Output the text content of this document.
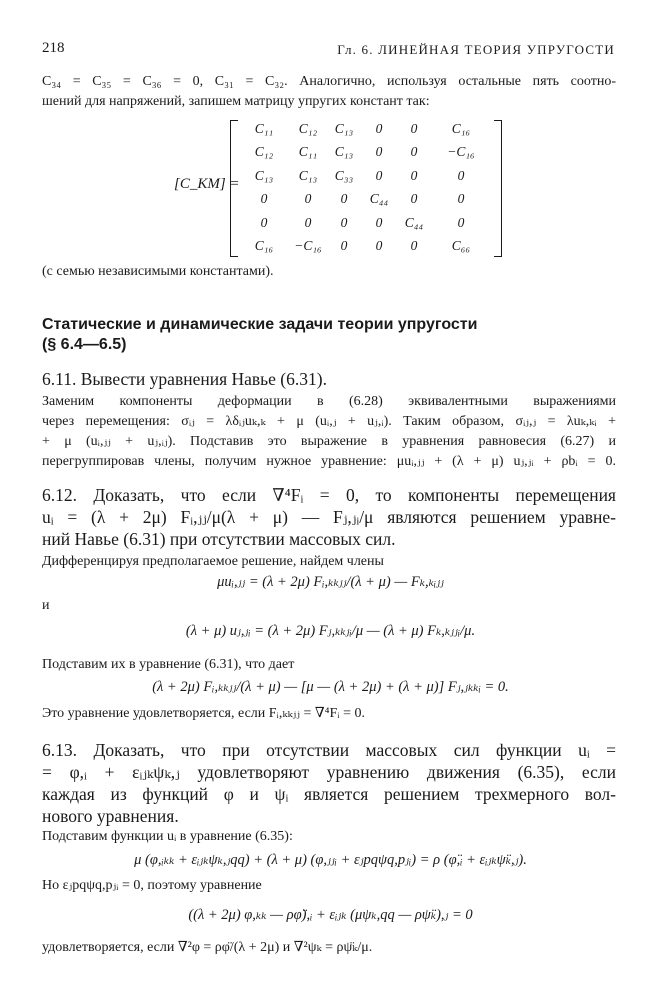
218	Гл. 6. ЛИНЕЙНАЯ ТЕОРИЯ УПРУГОСТИ
C₃₄ = C₃₅ = C₃₆ = 0, C₃₁ = C₃₂. Аналогично, используя остальные пять соотно-
шений для напряжений, запишем матрицу упругих констант так:
[C_KM] =
C₁₁	C₁₂	C₁₃	0	0	C₁₆
C₁₂	C₁₁	C₁₃	0	0	−C₁₆
C₁₃	C₁₃	C₃₃	0	0	0
0	0	0	C₄₄	0	0
0	0	0	0	C₄₄	0
C₁₆	−C₁₆	0	0	0	C₆₆
(с семью независимыми константами).
Статические и динамические задачи теории упругости
(§ 6.4—6.5)
6.11. Вывести уравнения Навье (6.31).
Заменим компоненты деформации в (6.28) эквивалентными выражениями
через перемещения: σᵢⱼ = λδᵢⱼuₖ,ₖ + μ (uᵢ,ⱼ + uⱼ,ᵢ). Таким образом, σᵢⱼ,ⱼ = λuₖ,ₖᵢ +
+ μ (uᵢ,ⱼⱼ + uⱼ,ᵢⱼ). Подставив это выражение в уравнения равновесия (6.27) и
перегруппировав члены, получим нужное уравнение: μuᵢ,ⱼⱼ + (λ + μ) uⱼ,ⱼᵢ + ρbᵢ = 0.
6.12. Доказать, что если ∇⁴Fᵢ = 0, то компоненты перемещения
uᵢ = (λ + 2μ) Fᵢ,ⱼⱼ/μ(λ + μ) — Fⱼ,ⱼᵢ/μ являются решением уравне-
ний Навье (6.31) при отсутствии массовых сил.
Дифференцируя предполагаемое решение, найдем члены
μuᵢ,ⱼⱼ = (λ + 2μ) Fᵢ,ₖₖⱼⱼ/(λ + μ) — Fₖ,ₖᵢⱼⱼ
и
(λ + μ) uⱼ,ⱼᵢ = (λ + 2μ) Fⱼ,ₖₖⱼᵢ/μ — (λ + μ) Fₖ,ₖⱼⱼᵢ/μ.
Подставим их в уравнение (6.31), что дает
(λ + 2μ) Fᵢ,ₖₖⱼⱼ/(λ + μ) — [μ — (λ + 2μ) + (λ + μ)] Fⱼ,ⱼₖₖᵢ = 0.
Это уравнение удовлетворяется, если Fᵢ,ₖₖⱼⱼ = ∇⁴Fᵢ = 0.
6.13. Доказать, что при отсутствии массовых сил функции uᵢ =
= φ,ᵢ + εᵢⱼₖψₖ,ⱼ удовлетворяют уравнению движения (6.35), если
каждая из функций φ и ψᵢ является решением трехмерного вол-
нового уравнения.
Подставим функции uᵢ в уравнение (6.35):
μ (φ,ᵢₖₖ + εᵢⱼₖψₖ,ⱼqq) + (λ + μ) (φ,ⱼⱼᵢ + εⱼpqψq,pⱼᵢ) = ρ (φ̈,ᵢ + εᵢⱼₖψ̈ₖ,ⱼ).
Но εⱼpqψq,pⱼᵢ = 0, поэтому уравнение
((λ + 2μ) φ,ₖₖ — ρφ̈),ᵢ + εᵢⱼₖ (μψₖ,qq — ρψ̈ₖ),ⱼ = 0
удовлетворяется, если ∇²φ = ρφ̈/(λ + 2μ) и ∇²ψₖ = ρψ̈ₖ/μ.
